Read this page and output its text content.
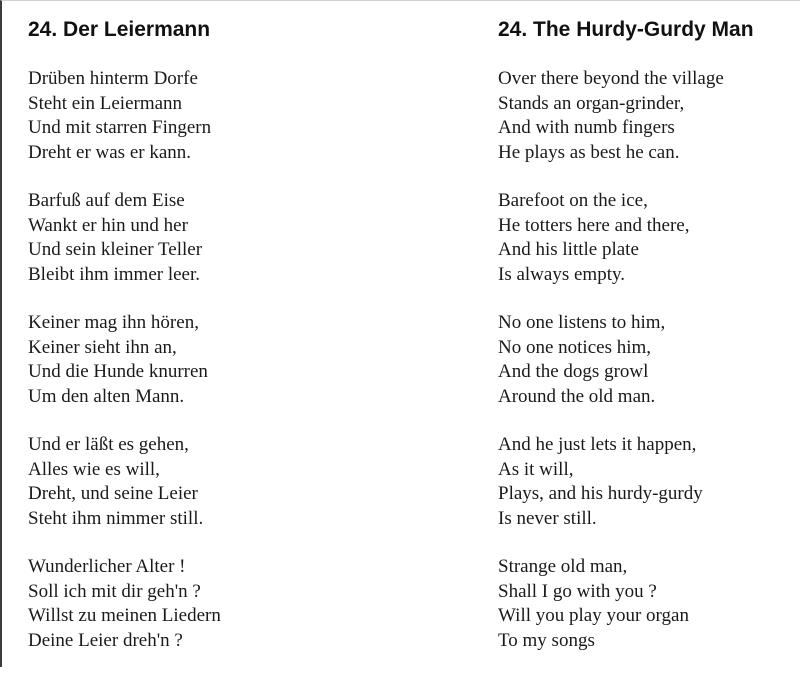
24. Der Leiermann
Drüben hinterm Dorfe
Steht ein Leiermann
Und mit starren Fingern
Dreht er was er kann.
Barfuß auf dem Eise
Wankt er hin und her
Und sein kleiner Teller
Bleibt ihm immer leer.
Keiner mag ihn hören,
Keiner sieht ihn an,
Und die Hunde knurren
Um den alten Mann.
Und er läßt es gehen,
Alles wie es will,
Dreht, und seine Leier
Steht ihm nimmer still.
Wunderlicher Alter !
Soll ich mit dir geh'n ?
Willst zu meinen Liedern
Deine Leier dreh'n ?
24. The Hurdy-Gurdy Man
Over there beyond the village
Stands an organ-grinder,
And with numb fingers
He plays as best he can.
Barefoot on the ice,
He totters here and there,
And his little plate
Is always empty.
No one listens to him,
No one notices him,
And the dogs growl
Around the old man.
And he just lets it happen,
As it will,
Plays, and his hurdy-gurdy
Is never still.
Strange old man,
Shall I go with you ?
Will you play your organ
To my songs
